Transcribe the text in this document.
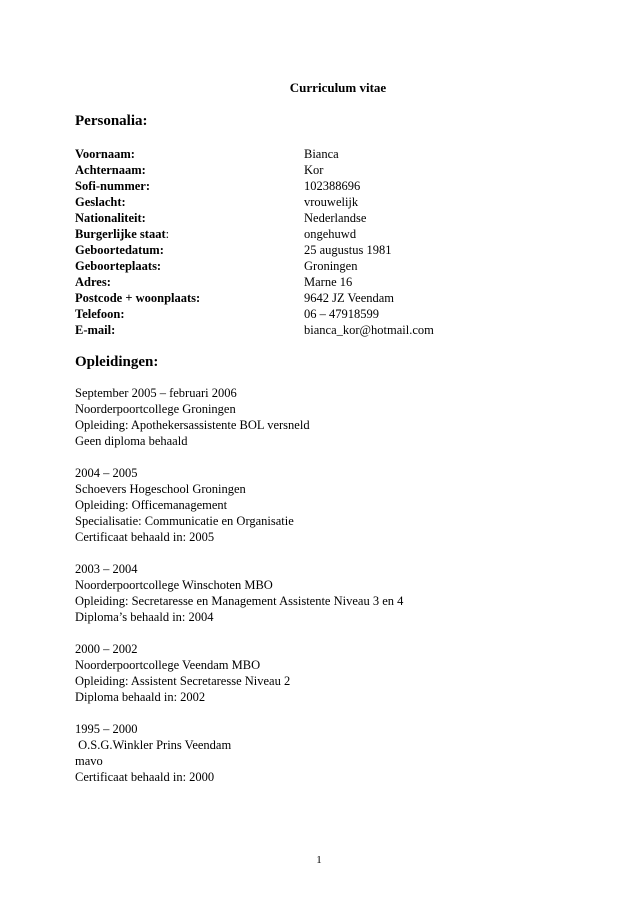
Curriculum vitae
Personalia:
Voornaam:	Bianca
Achternaam:	Kor
Sofi-nummer:	102388696
Geslacht:	vrouwelijk
Nationaliteit:	Nederlandse
Burgerlijke staat:	ongehuwd
Geboortedatum:	25 augustus 1981
Geboorteplaats:	Groningen
Adres:	Marne 16
Postcode + woonplaats:	9642 JZ Veendam
Telefoon:	06 – 47918599
E-mail:	bianca_kor@hotmail.com
Opleidingen:
September 2005 – februari 2006
Noorderpoortcollege Groningen
Opleiding: Apothekersassistente BOL versneld
Geen diploma behaald
2004 – 2005
Schoevers Hogeschool Groningen
Opleiding: Officemanagement
Specialisatie: Communicatie en Organisatie
Certificaat behaald in: 2005
2003 – 2004
Noorderpoortcollege Winschoten MBO
Opleiding: Secretaresse en Management Assistente Niveau 3 en 4
Diploma’s behaald in: 2004
2000 – 2002
Noorderpoortcollege Veendam MBO
Opleiding: Assistent Secretaresse Niveau 2
Diploma behaald in: 2002
1995 – 2000
O.S.G.Winkler Prins Veendam
mavo
Certificaat behaald in: 2000
1
